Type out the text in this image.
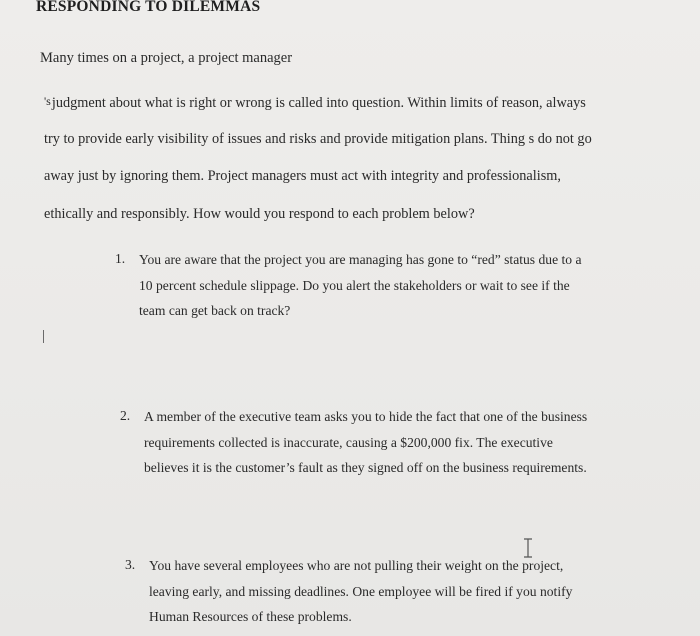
RESPONDING TO DILEMMAS
Many times on a project, a project manager
'sjudgment about what is right or wrong is called into question. Within limits of reason, always
try to provide early visibility of issues and risks and provide mitigation plans. Thing s do not go
away just by ignoring them. Project managers must act with integrity and professionalism,
ethically and responsibly. How would you respond to each problem below?
1. You are aware that the project you are managing has gone to “red” status due to a
10 percent schedule slippage. Do you alert the stakeholders or wait to see if the
team can get back on track?
2. A member of the executive team asks you to hide the fact that one of the business
requirements collected is inaccurate, causing a $200,000 fix. The executive
believes it is the customer’s fault as they signed off on the business requirements.
3. You have several employees who are not pulling their weight on the project,
leaving early, and missing deadlines. One employee will be fired if you notify
Human Resources of these problems.
